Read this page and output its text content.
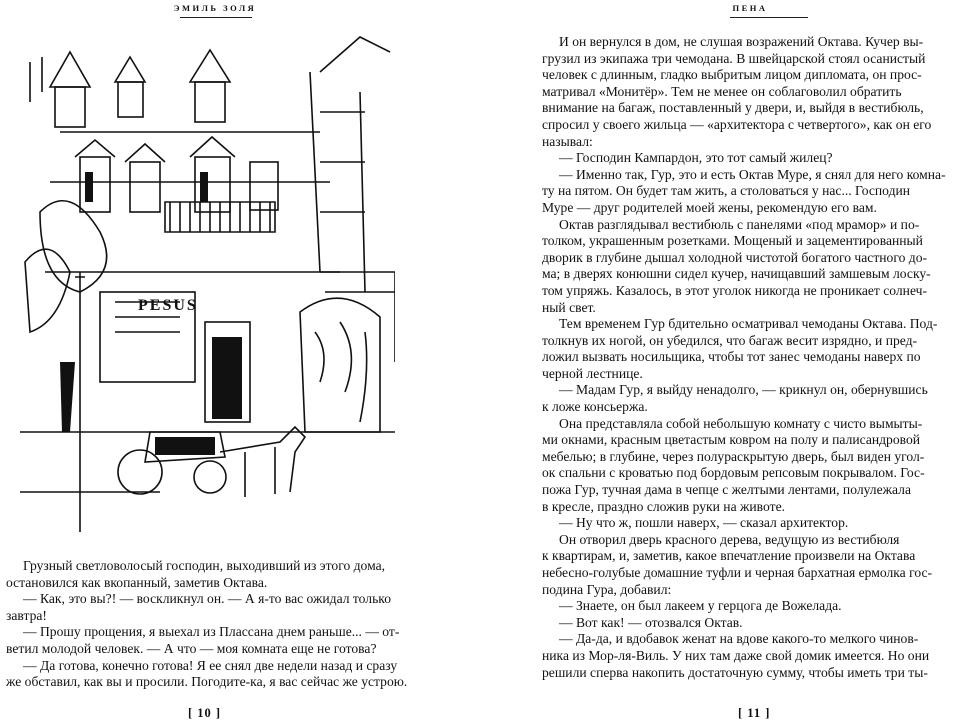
ЭМИЛЬ ЗОЛЯ
PESUS
Грузный светловолосый господин, выходивший из этого дома,
остановился как вкопанный, заметив Октава.
— Как, это вы?! — воскликнул он. — А я-то вас ожидал только
завтра!
— Прошу прощения, я выехал из Плассана днем раньше... — от-
ветил молодой человек. — А что — моя комната еще не готова?
— Да готова, конечно готова! Я ее снял две недели назад и сразу
же обставил, как вы и просили. Погодите-ка, я вас сейчас же устрою.
[ 10 ]
ПЕНА
И он вернулся в дом, не слушая возражений Октава. Кучер вы-
грузил из экипажа три чемодана. В швейцарской стоял осанистый
человек с длинным, гладко выбритым лицом дипломата, он прос-
матривал «Монитёр». Тем не менее он соблаговолил обратить
внимание на багаж, поставленный у двери, и, выйдя в вестибюль,
спросил у своего жильца — «архитектора с четвертого», как он его
называл:
— Господин Кампардон, это тот самый жилец?
— Именно так, Гур, это и есть Октав Муре, я снял для него комна-
ту на пятом. Он будет там жить, а столоваться у нас... Господин
Муре — друг родителей моей жены, рекомендую его вам.
Октав разглядывал вестибюль с панелями «под мрамор» и по-
толком, украшенным розетками. Мощеный и зацементированный
дворик в глубине дышал холодной чистотой богатого частного до-
ма; в дверях конюшни сидел кучер, начищавший замшевым лоску-
том упряжь. Казалось, в этот уголок никогда не проникает солнеч-
ный свет.
Тем временем Гур бдительно осматривал чемоданы Октава. Под-
толкнув их ногой, он убедился, что багаж весит изрядно, и пред-
ложил вызвать носильщика, чтобы тот занес чемоданы наверх по
черной лестнице.
— Мадам Гур, я выйду ненадолго, — крикнул он, обернувшись
к ложе консьержа.
Она представляла собой небольшую комнату с чисто вымыты-
ми окнами, красным цветастым ковром на полу и палисандровой
мебелью; в глубине, через полураскрытую дверь, был виден угол-
ок спальни с кроватью под бордовым репсовым покрывалом. Гос-
пожа Гур, тучная дама в чепце с желтыми лентами, полулежала
в кресле, праздно сложив руки на животе.
— Ну что ж, пошли наверх, — сказал архитектор.
Он отворил дверь красного дерева, ведущую из вестибюля
к квартирам, и, заметив, какое впечатление произвели на Октава
небесно-голубые домашние туфли и черная бархатная ермолка гос-
подина Гура, добавил:
— Знаете, он был лакеем у герцога де Вожелада.
— Вот как! — отозвался Октав.
— Да-да, и вдобавок женат на вдове какого-то мелкого чинов-
ника из Мор-ля-Виль. У них там даже свой домик имеется. Но они
решили сперва накопить достаточную сумму, чтобы иметь три ты-
[ 11 ]
